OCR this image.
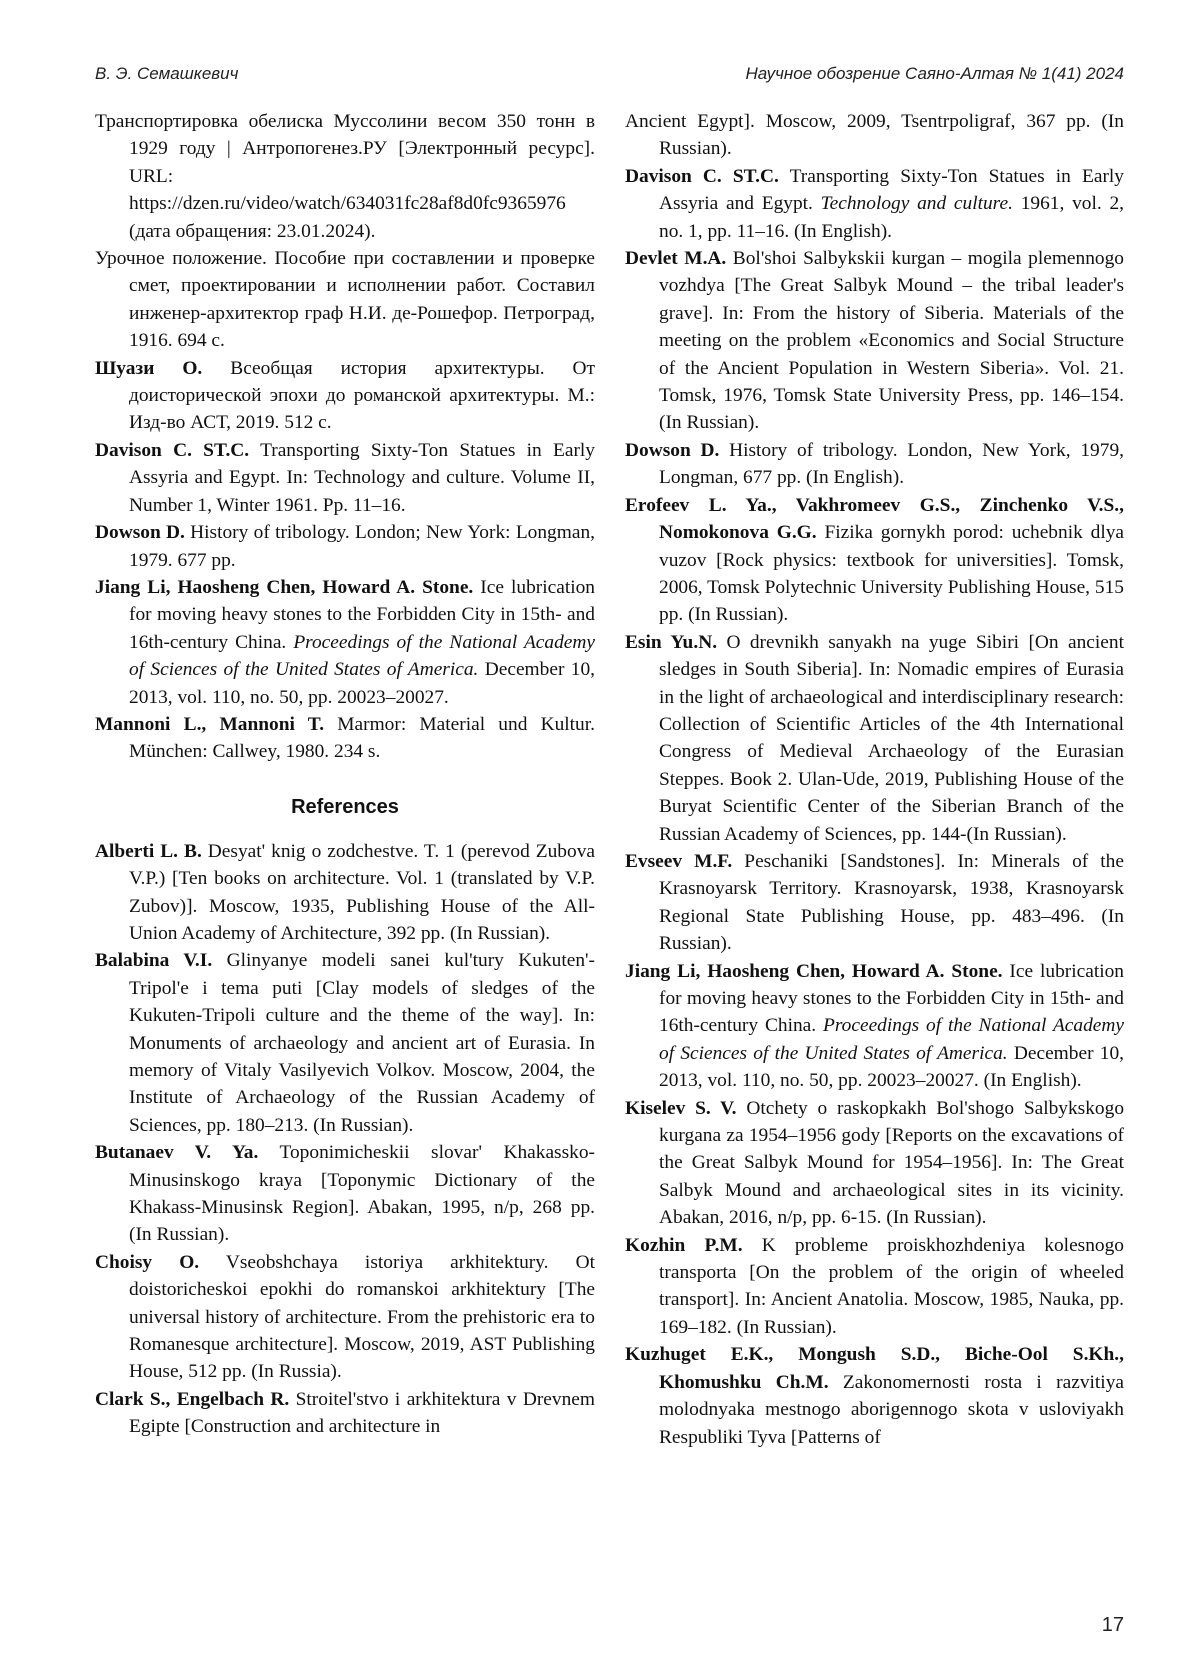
В. Э. Семашкевич	Научное обозрение Саяно-Алтая № 1(41) 2024

Транспортировка обелиска Муссолини весом 350 тонн в 1929 году | Антропогенез.РУ [Электронный ресурс]. URL: https://dzen.ru/video/watch/634031fc28af8d0fc9365976 (дата обращения: 23.01.2024).

Урочное положение. Пособие при составлении и проверке смет, проектировании и исполнении работ. Составил инженер-архитектор граф Н.И. де-Рошефор. Петроград, 1916. 694 с.

Шуази О. Всеобщая история архитектуры. От доисторической эпохи до романской архитектуры. М.: Изд-во АСТ, 2019. 512 с.

Davison C. ST.C. Transporting Sixty-Ton Statues in Early Assyria and Egypt. In: Technology and culture. Volume II, Number 1, Winter 1961. Pp. 11–16.

Dowson D. History of tribology. London; New York: Longman, 1979. 677 pp.

Jiang Li, Haosheng Chen, Howard A. Stone. Ice lubrication for moving heavy stones to the Forbidden City in 15th- and 16th-century China. Proceedings of the National Academy of Sciences of the United States of America. December 10, 2013, vol. 110, no. 50, pp. 20023–20027.

Mannoni L., Mannoni T. Marmor: Material und Kultur. München: Callwey, 1980. 234 s.

References

Alberti L. B. Desyat' knig o zodchestve. T. 1 (perevod Zubova V.P.) [Ten books on architecture. Vol. 1 (translated by V.P. Zubov)]. Moscow, 1935, Publishing House of the All-Union Academy of Architecture, 392 pp. (In Russian).

Balabina V.I. Glinyanye modeli sanei kul'tury Kukuten'-Tripol'e i tema puti [Clay models of sledges of the Kukuten-Tripoli culture and the theme of the way]. In: Monuments of archaeology and ancient art of Eurasia. In memory of Vitaly Vasilyevich Volkov. Moscow, 2004, the Institute of Archaeology of the Russian Academy of Sciences, pp. 180–213. (In Russian).

Butanaev V. Ya. Toponimicheskii slovar' Khakassko-Minusinskogo kraya [Toponymic Dictionary of the Khakass-Minusinsk Region]. Abakan, 1995, n/p, 268 pp. (In Russian).

Choisy O. Vseobshchaya istoriya arkhitektury. Ot doistoricheskoi epokhi do romanskoi arkhitektury [The universal history of architecture. From the prehistoric era to Romanesque architecture]. Moscow, 2019, AST Publishing House, 512 pp. (In Russia).

Clark S., Engelbach R. Stroitel'stvo i arkhitektura v Drevnem Egipte [Construction and architecture in

Ancient Egypt]. Moscow, 2009, Tsentrpoligraf, 367 pp. (In Russian).

Davison C. ST.C. Transporting Sixty-Ton Statues in Early Assyria and Egypt. Technology and culture. 1961, vol. 2, no. 1, pp. 11–16. (In English).

Devlet M.A. Bol'shoi Salbykskii kurgan – mogila plemennogo vozhdya [The Great Salbyk Mound – the tribal leader's grave]. In: From the history of Siberia. Materials of the meeting on the problem «Economics and Social Structure of the Ancient Population in Western Siberia». Vol. 21. Tomsk, 1976, Tomsk State University Press, pp. 146–154. (In Russian).

Dowson D. History of tribology. London, New York, 1979, Longman, 677 pp. (In English).

Erofeev L. Ya., Vakhromeev G.S., Zinchenko V.S., Nomokonova G.G. Fizika gornykh porod: uchebnik dlya vuzov [Rock physics: textbook for universities]. Tomsk, 2006, Tomsk Polytechnic University Publishing House, 515 pp. (In Russian).

Esin Yu.N. O drevnikh sanyakh na yuge Sibiri [On ancient sledges in South Siberia]. In: Nomadic empires of Eurasia in the light of archaeological and interdisciplinary research: Collection of Scientific Articles of the 4th International Congress of Medieval Archaeology of the Eurasian Steppes. Book 2. Ulan-Ude, 2019, Publishing House of the Buryat Scientific Center of the Siberian Branch of the Russian Academy of Sciences, pp. 144-(In Russian).

Evseev M.F. Peschaniki [Sandstones]. In: Minerals of the Krasnoyarsk Territory. Krasnoyarsk, 1938, Krasnoyarsk Regional State Publishing House, pp. 483–496. (In Russian).

Jiang Li, Haosheng Chen, Howard A. Stone. Ice lubrication for moving heavy stones to the Forbidden City in 15th- and 16th-century China. Proceedings of the National Academy of Sciences of the United States of America. December 10, 2013, vol. 110, no. 50, pp. 20023–20027. (In English).

Kiselev S. V. Otchety o raskopkakh Bol'shogo Salbykskogo kurgana za 1954–1956 gody [Reports on the excavations of the Great Salbyk Mound for 1954–1956]. In: The Great Salbyk Mound and archaeological sites in its vicinity. Abakan, 2016, n/p, pp. 6-15. (In Russian).

Kozhin P.M. K probleme proiskhozhdeniya kolesnogo transporta [On the problem of the origin of wheeled transport]. In: Ancient Anatolia. Moscow, 1985, Nauka, pp. 169–182. (In Russian).

Kuzhuget E.K., Mongush S.D., Biche-Ool S.Kh., Khomushku Ch.M. Zakonomernosti rosta i razvitiya molodnyaka mestnogo aborigennogo skota v usloviyakh Respubliki Tyva [Patterns of

17
